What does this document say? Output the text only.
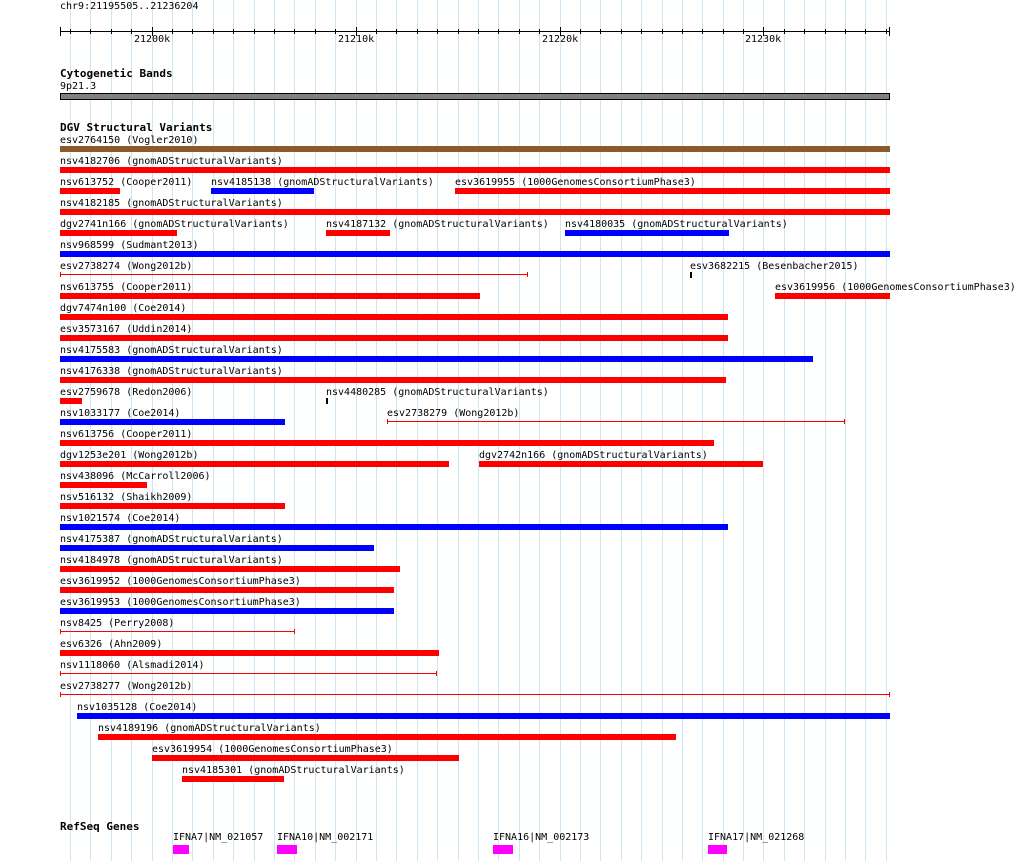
chr9:21195505..21236204
21200k	21210k	21220k	21230k
Cytogenetic Bands
9p21.3
DGV Structural Variants
esv2764150 (Vogler2010)
nsv4182706 (gnomADStructuralVariants)
nsv613752 (Cooper2011) nsv4185138 (gnomADStructuralVariants) esv3619955 (1000GenomesConsortiumPhase3)
nsv4182185 (gnomADStructuralVariants)
dgv2741n166 (gnomADStructuralVariants)	nsv4187132 (gnomADStructuralVariants) nsv4180035 (gnomADStructuralVariants)
nsv968599 (Sudmant2013)
esv2738274 (Wong2012b)	esv3682215 (Besenbacher2015)
nsv613755 (Cooper2011)	esv3619956 (1000GenomesConsortiumPhase3)
dgv7474n100 (Coe2014)
esv3573167 (Uddin2014)
nsv4175583 (gnomADStructuralVariants)
nsv4176338 (gnomADStructuralVariants)
esv2759678 (Redon2006)	nsv4480285 (gnomADStructuralVariants)
nsv1033177 (Coe2014)	esv2738279 (Wong2012b)
nsv613756 (Cooper2011)
dgv1253e201 (Wong2012b)	dgv2742n166 (gnomADStructuralVariants)
nsv438096 (McCarroll2006)
nsv516132 (Shaikh2009)
nsv1021574 (Coe2014)
nsv4175387 (gnomADStructuralVariants)
nsv4184978 (gnomADStructuralVariants)
esv3619952 (1000GenomesConsortiumPhase3)
esv3619953 (1000GenomesConsortiumPhase3)
nsv8425 (Perry2008)
esv6326 (Ahn2009)
nsv1118060 (Alsmadi2014)
esv2738277 (Wong2012b)
nsv1035128 (Coe2014)
nsv4189196 (gnomADStructuralVariants)
esv3619954 (1000GenomesConsortiumPhase3)
nsv4185301 (gnomADStructuralVariants)
RefSeq Genes
IFNA7|NM_021057 IFNA10|NM_002171	IFNA16|NM_002173	IFNA17|NM_021268
